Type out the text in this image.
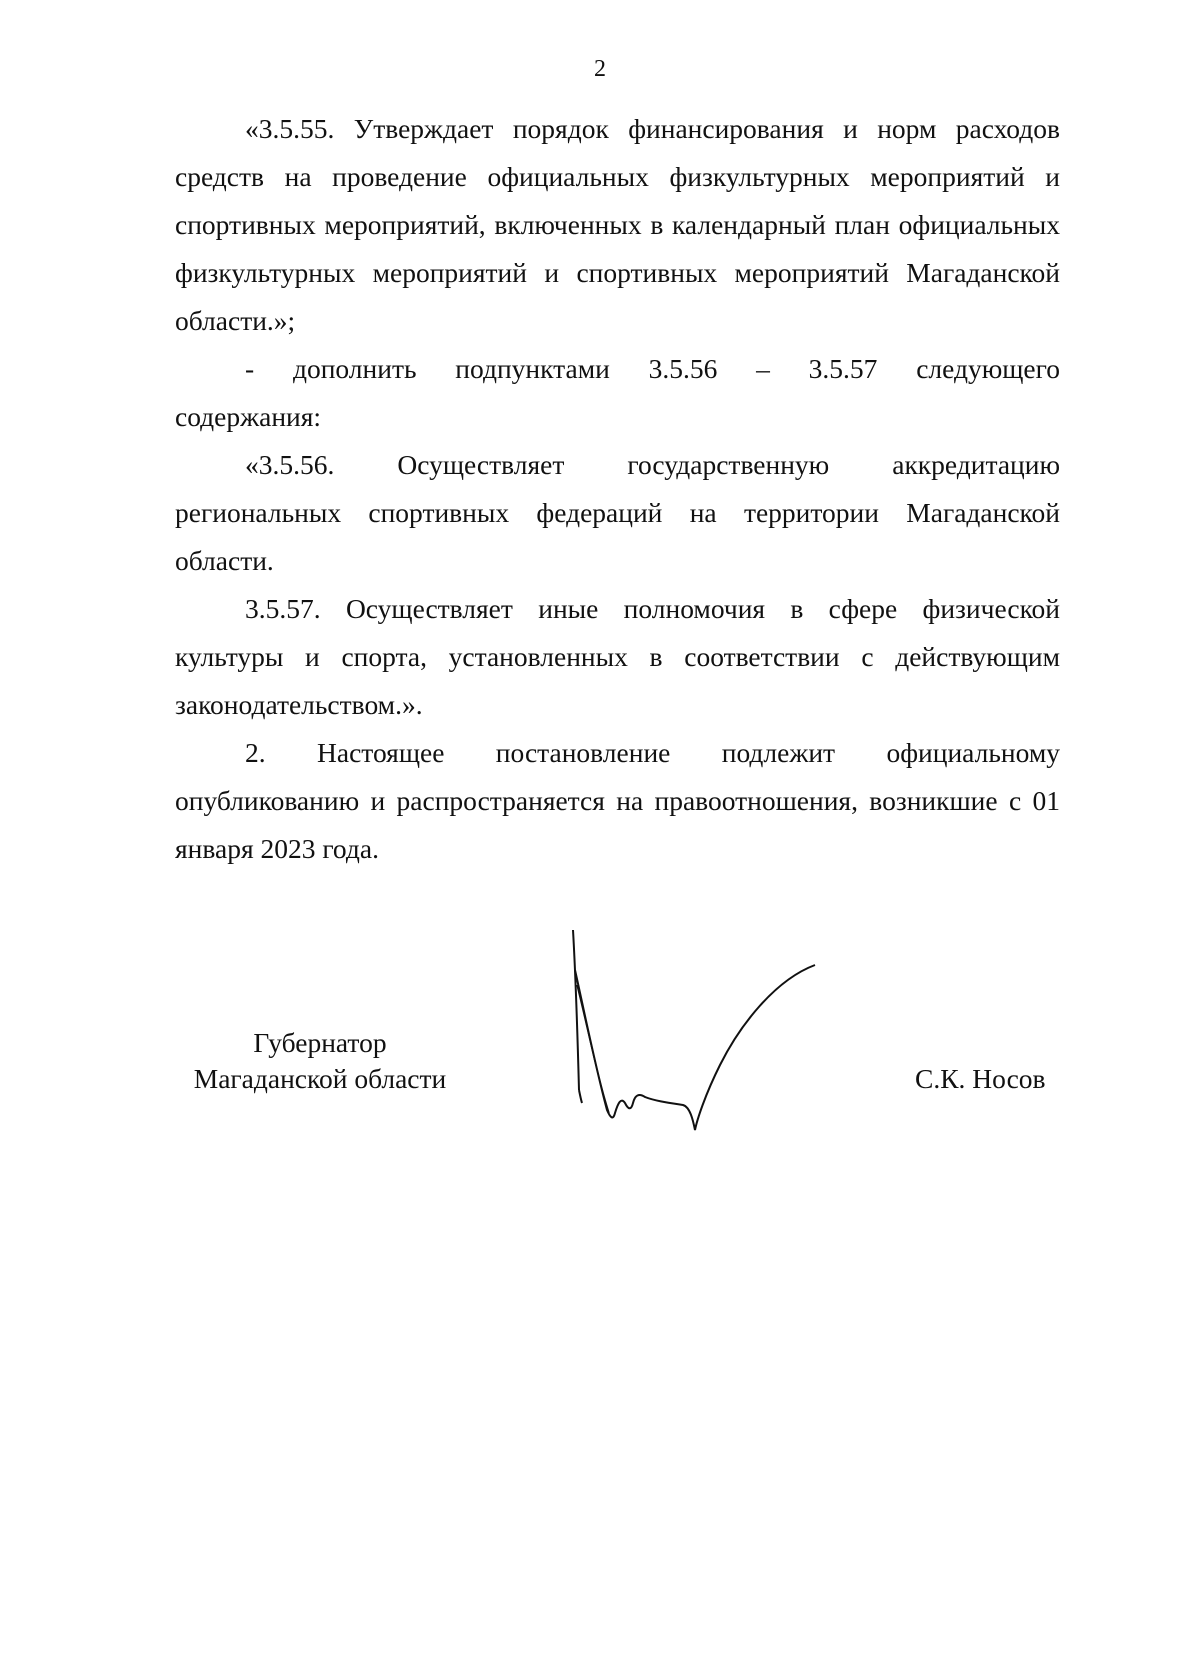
2

«3.5.55. Утверждает порядок финансирования и норм расходов средств на проведение официальных физкультурных мероприятий и спортивных мероприятий, включенных в календарный план официальных физкультурных мероприятий и спортивных мероприятий Магаданской области.»;

- дополнить подпунктами 3.5.56 – 3.5.57 следующего

содержания:

«3.5.56. Осуществляет государственную аккредитацию региональных спортивных федераций на территории Магаданской области.

3.5.57. Осуществляет иные полномочия в сфере физической культуры и спорта, установленных в соответствии с действующим законодательством.».

2. Настоящее постановление подлежит официальному опубликованию и распространяется на правоотношения, возникшие с 01 января 2023 года.

Губернатор
Магаданской области	С.К. Носов
